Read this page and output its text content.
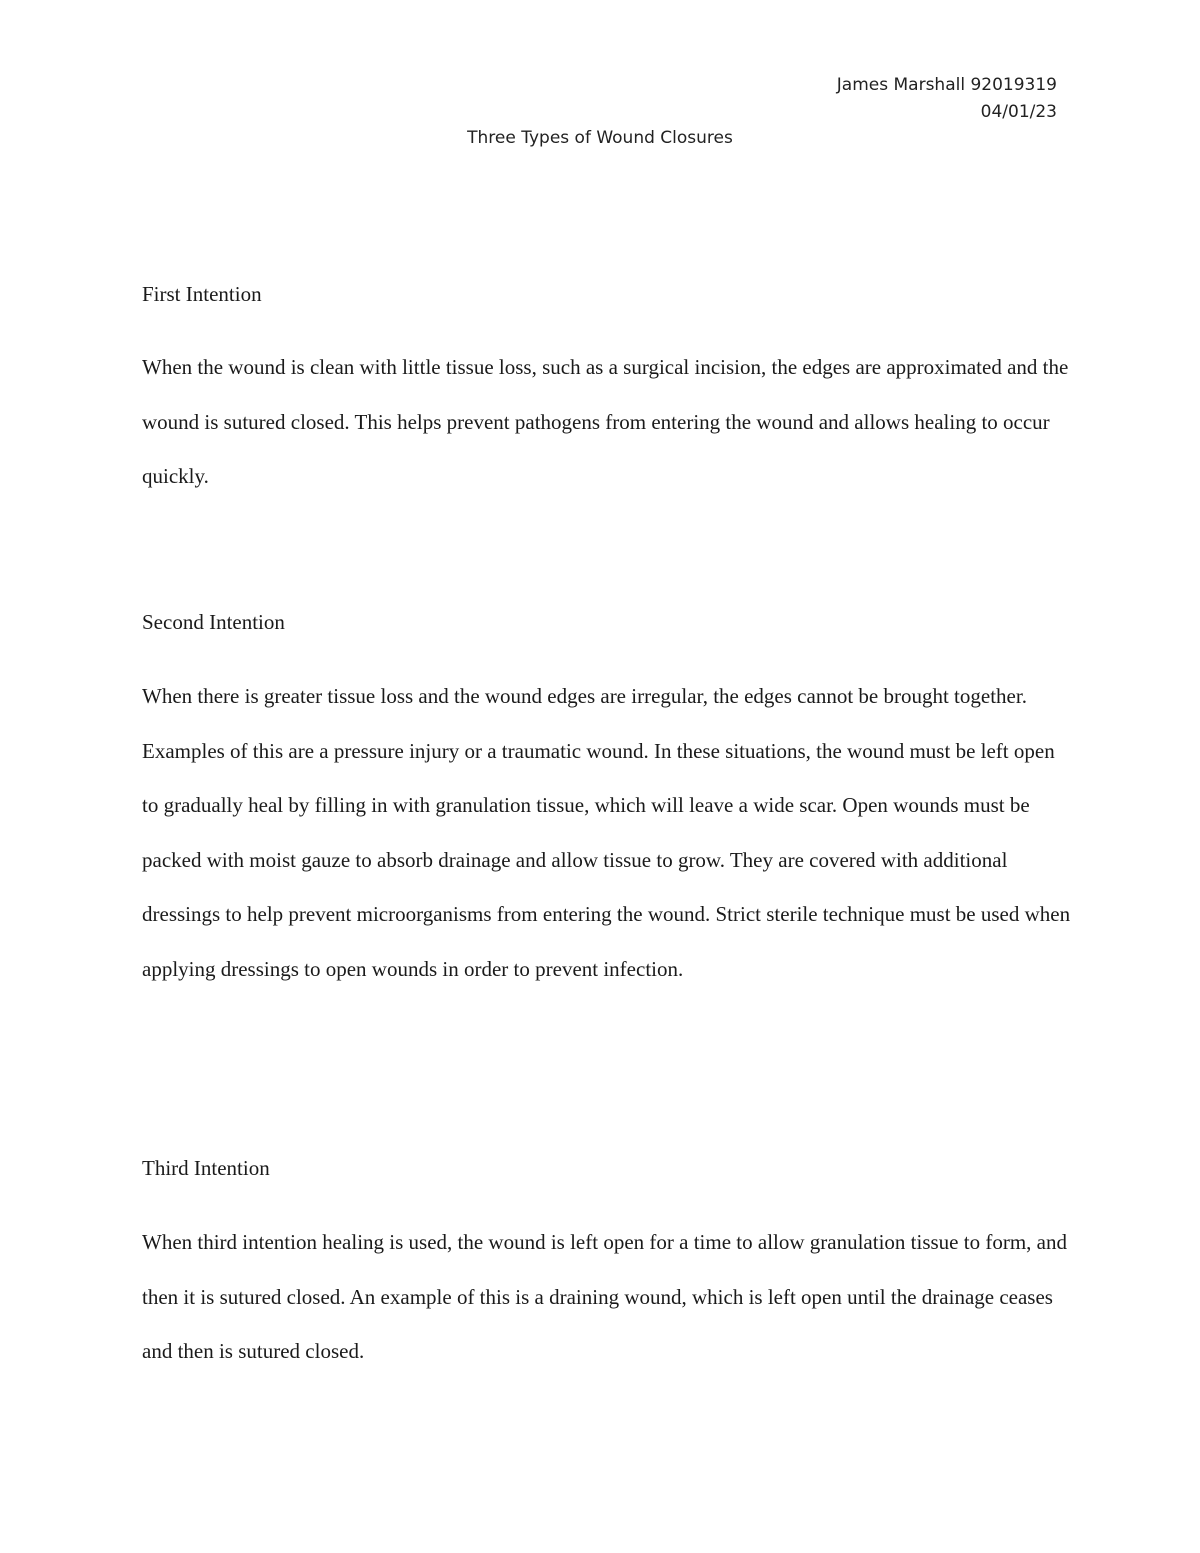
James Marshall 92019319
04/01/23
Three Types of Wound Closures
First Intention

When the wound is clean with little tissue loss, such as a surgical incision, the edges are approximated and the wound is sutured closed. This helps prevent pathogens from entering the wound and allows healing to occur quickly.

Second Intention

When there is greater tissue loss and the wound edges are irregular, the edges cannot be brought together. Examples of this are a pressure injury or a traumatic wound. In these situations, the wound must be left open to gradually heal by filling in with granulation tissue, which will leave a wide scar. Open wounds must be packed with moist gauze to absorb drainage and allow tissue to grow. They are covered with additional dressings to help prevent microorganisms from entering the wound. Strict sterile technique must be used when applying dressings to open wounds in order to prevent infection.

Third Intention

When third intention healing is used, the wound is left open for a time to allow granulation tissue to form, and then it is sutured closed. An example of this is a draining wound, which is left open until the drainage ceases and then is sutured closed.
